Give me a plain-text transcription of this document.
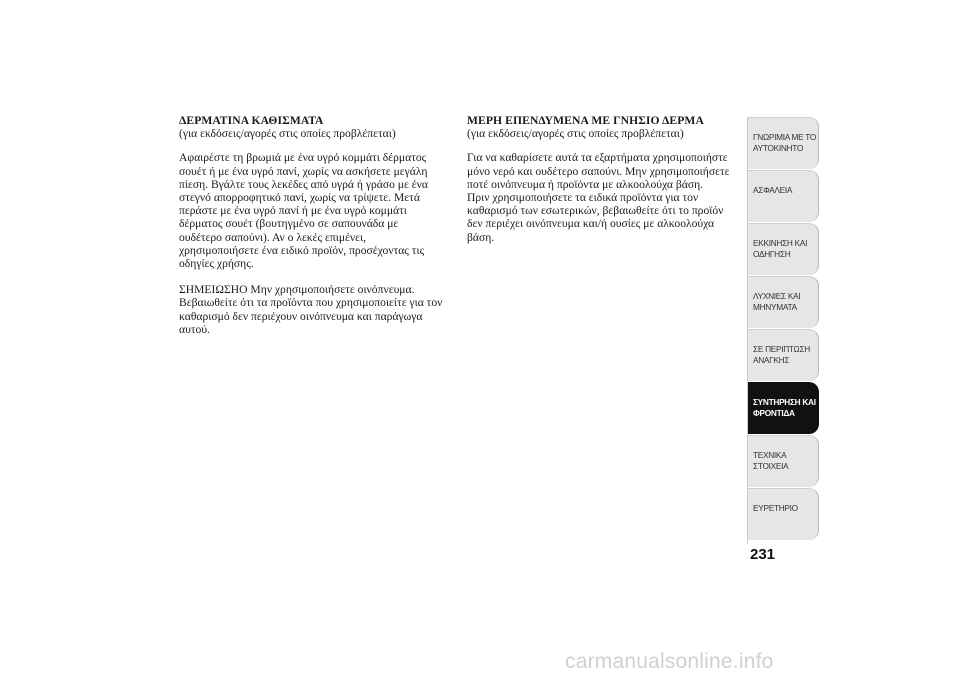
ΔΕΡΜΑΤΙΝΑ ΚΑΘΙΣΜΑΤΑ
(για εκδόσεις/αγορές στις οποίες προβλέπεται)
Αφαιρέστε τη βρωμιά με ένα υγρό κομμάτι δέρματος
σουέτ ή με ένα υγρό πανί, χωρίς να ασκήσετε μεγάλη
πίεση. Βγάλτε τους λεκέδες από υγρά ή γράσο με ένα
στεγνό απορροφητικό πανί, χωρίς να τρίψετε. Μετά
περάστε με ένα υγρό πανί ή με ένα υγρό κομμάτι
δέρματος σουέτ (βουτηγμένο σε σαπουνάδα με
ουδέτερο σαπούνι). Αν ο λεκές επιμένει,
χρησιμοποιήσετε ένα ειδικό προϊόν, προσέχοντας τις
οδηγίες χρήσης.
ΣΗΜΕΙΩΣΗΟ Μην χρησιμοποιήσετε οινόπνευμα.
Βεβαιωθείτε ότι τα προϊόντα που χρησιμοποιείτε για τον
καθαρισμό δεν περιέχουν οινόπνευμα και παράγωγα
αυτού.
ΜΕΡΗ ΕΠΕΝΔΥΜΕΝΑ ΜΕ ΓΝΗΣΙΟ ΔΕΡΜΑ
(για εκδόσεις/αγορές στις οποίες προβλέπεται)
Για να καθαρίσετε αυτά τα εξαρτήματα χρησιμοποιήστε
μόνο νερό και ουδέτερο σαπούνι. Μην χρησιμοποιήσετε
ποτέ οινόπνευμα ή προϊόντα με αλκοολούχα βάση.
Πριν χρησιμοποιήσετε τα ειδικά προϊόντα για τον
καθαρισμό των εσωτερικών, βεβαιωθείτε ότι το προϊόν
δεν περιέχει οινόπνευμα και/ή ουσίες με αλκοολούχα
βάση.
ΓΝΩΡΙΜΙΑ ΜΕ ΤΟ
ΑΥΤΟΚΙΝΗΤΟ
ΑΣΦΑΛΕΙΑ
ΕΚΚΙΝΗΣΗ ΚΑΙ
ΟΔΗΓΗΣΗ
ΛΥΧΝΙΕΣ ΚΑΙ
ΜΗΝΥΜΑΤΑ
ΣΕ ΠΕΡΙΠΤΩΣΗ
ΑΝΑΓΚΗΣ
ΣΥΝΤΗΡΗΣΗ ΚΑΙ
ΦΡΟΝΤΙΔΑ
ΤΕΧΝΙΚΑ ΣΤΟΙΧΕΙΑ
ΕΥΡΕΤΗΡΙΟ
231
carmanualsonline.info
